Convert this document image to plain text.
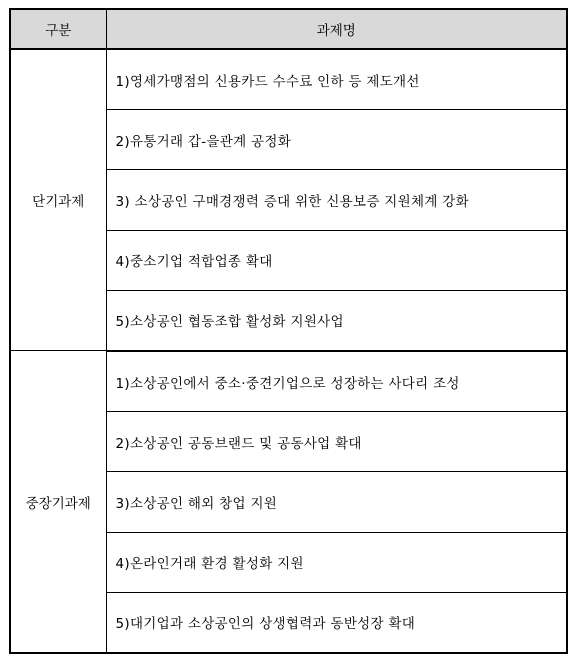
구분	과제명
단기과제	1)영세가맹점의 신용카드 수수료 인하 등 제도개선
	2)유통거래 갑-을관계 공정화
	3) 소상공인 구매경쟁력 증대 위한 신용보증 지원체계 강화
	4)중소기업 적합업종 확대
	5)소상공인 협동조합 활성화 지원사업
중장기과제	1)소상공인에서 중소·중견기업으로 성장하는 사다리 조성
	2)소상공인 공동브랜드 및 공동사업 확대
	3)소상공인 해외 창업 지원
	4)온라인거래 환경 활성화 지원
	5)대기업과 소상공인의 상생협력과 동반성장 확대
